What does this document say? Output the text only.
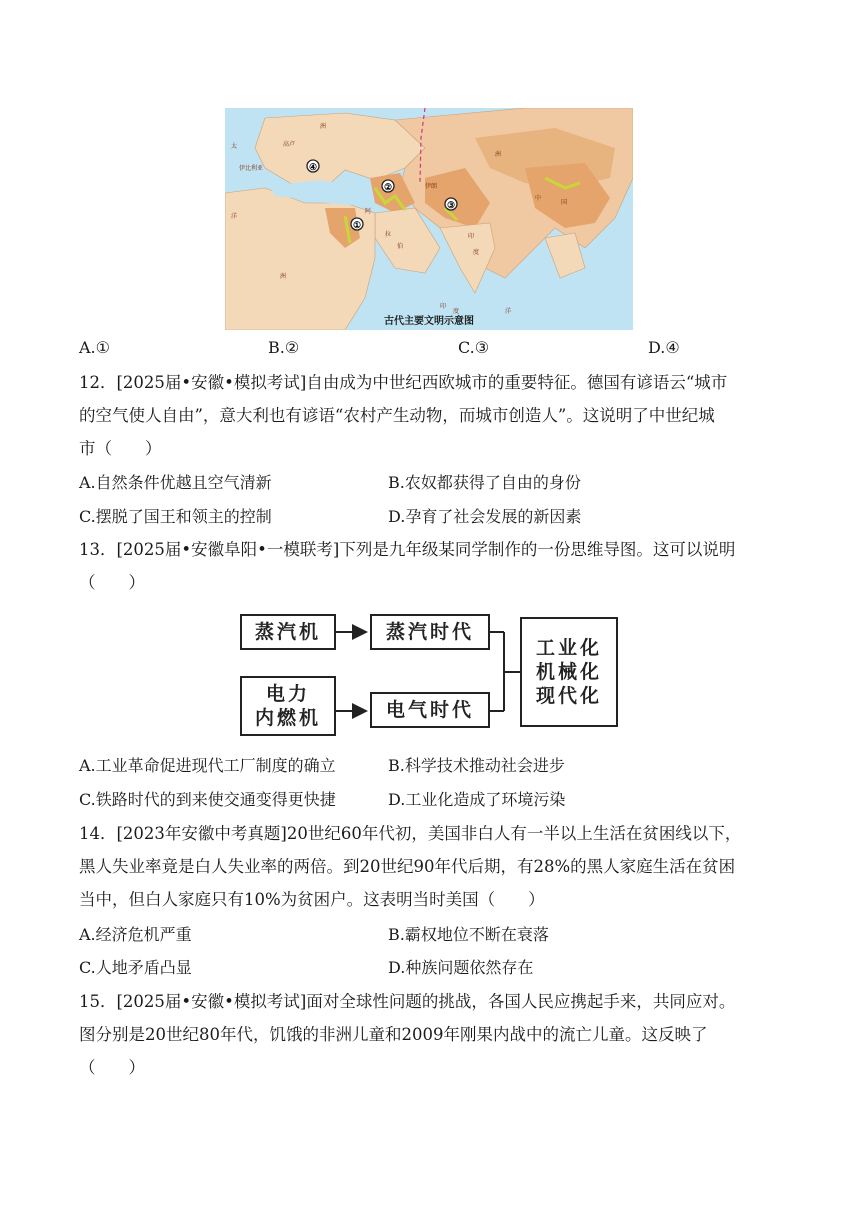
④
②
③
①
高卢
伊比利亚
伊朗
印
度
中
国
阿
拉
伯
洲
洲
洲
太
洋
印
度	洋
古代主要文明示意图
A.①	B.②	C.③	D.④
12．[2025届•安徽•模拟考试]自由成为中世纪西欧城市的重要特征。德国有谚语云“城市
的空气使人自由”，意大利也有谚语“农村产生动物，而城市创造人”。这说明了中世纪城
市（　　）
A.自然条件优越且空气清新	B.农奴都获得了自由的身份
C.摆脱了国王和领主的控制	D.孕育了社会发展的新因素
13．[2025届•安徽阜阳•一模联考]下列是九年级某同学制作的一份思维导图。这可以说明
（　　）
蒸汽机	蒸汽时代
电力
内燃机	电气时代
工业化
机械化
现代化
A.工业革命促进现代工厂制度的确立	B.科学技术推动社会进步
C.铁路时代的到来使交通变得更快捷	D.工业化造成了环境污染
14．[2023年安徽中考真题]20世纪60年代初，美国非白人有一半以上生活在贫困线以下，
黑人失业率竟是白人失业率的两倍。到20世纪90年代后期，有28%的黑人家庭生活在贫困
当中，但白人家庭只有10%为贫困户。这表明当时美国（　　）
A.经济危机严重	B.霸权地位不断在衰落
C.人地矛盾凸显	D.种族问题依然存在
15．[2025届•安徽•模拟考试]面对全球性问题的挑战，各国人民应携起手来，共同应对。
图分别是20世纪80年代，饥饿的非洲儿童和2009年刚果内战中的流亡儿童。这反映了
（　　）
